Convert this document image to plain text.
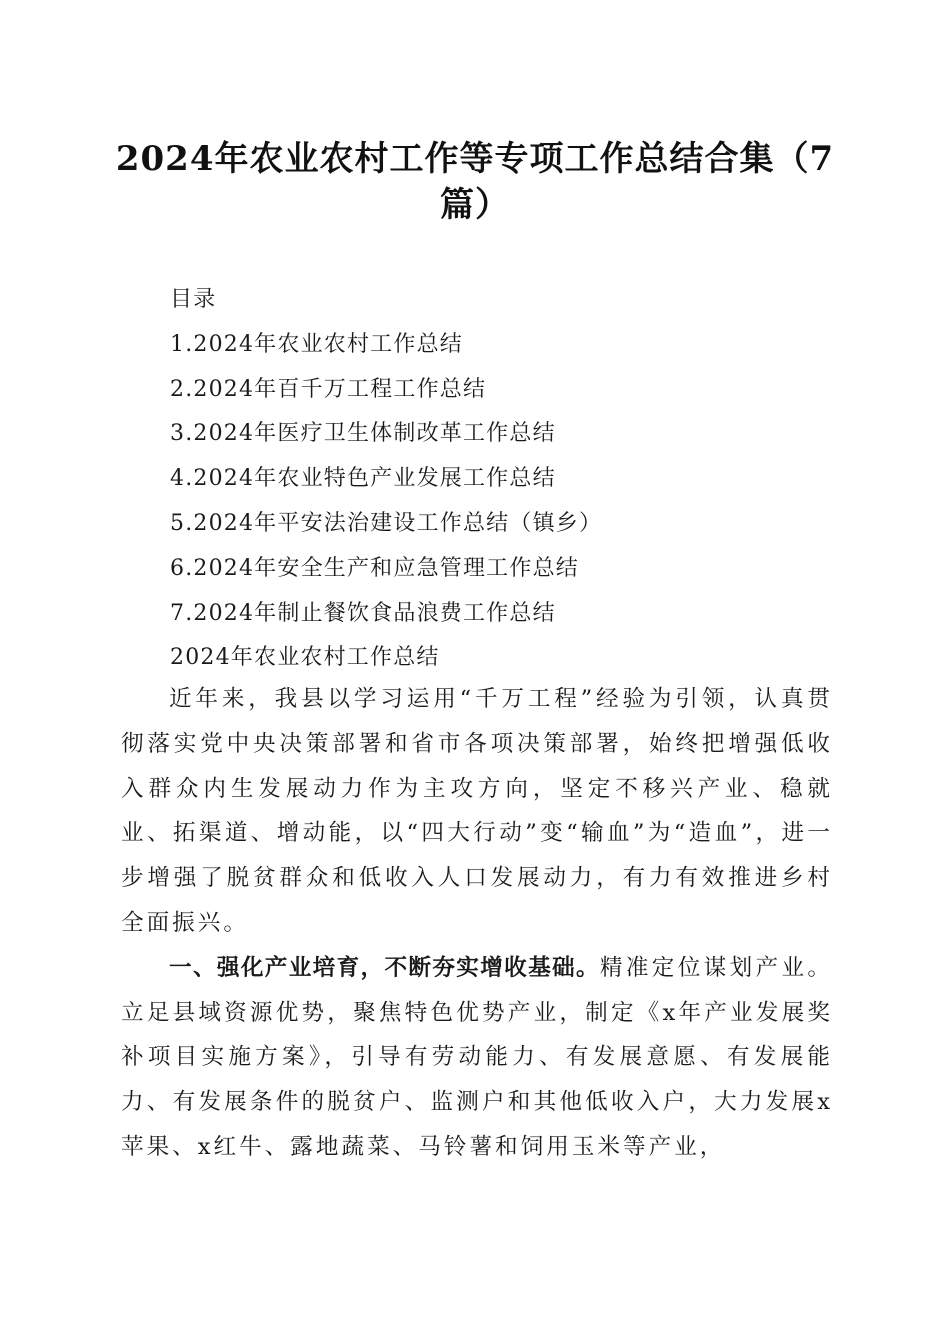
2024年农业农村工作等专项工作总结合集（7篇）
目录
1.2024年农业农村工作总结
2.2024年百千万工程工作总结
3.2024年医疗卫生体制改革工作总结
4.2024年农业特色产业发展工作总结
5.2024年平安法治建设工作总结（镇乡）
6.2024年安全生产和应急管理工作总结
7.2024年制止餐饮食品浪费工作总结
2024年农业农村工作总结

近年来，我县以学习运用“千万工程”经验为引领，认真贯彻落实党中央决策部署和省市各项决策部署，始终把增强低收入群众内生发展动力作为主攻方向，坚定不移兴产业、稳就业、拓渠道、增动能，以“四大行动”变“输血”为“造血”，进一步增强了脱贫群众和低收入人口发展动力，有力有效推进乡村全面振兴。

一、强化产业培育，不断夯实增收基础。精准定位谋划产业。立足县域资源优势，聚焦特色优势产业，制定《x年产业发展奖补项目实施方案》，引导有劳动能力、有发展意愿、有发展能力、有发展条件的脱贫户、监测户和其他低收入户，大力发展x苹果、x红牛、露地蔬菜、马铃薯和饲用玉米等产业，
